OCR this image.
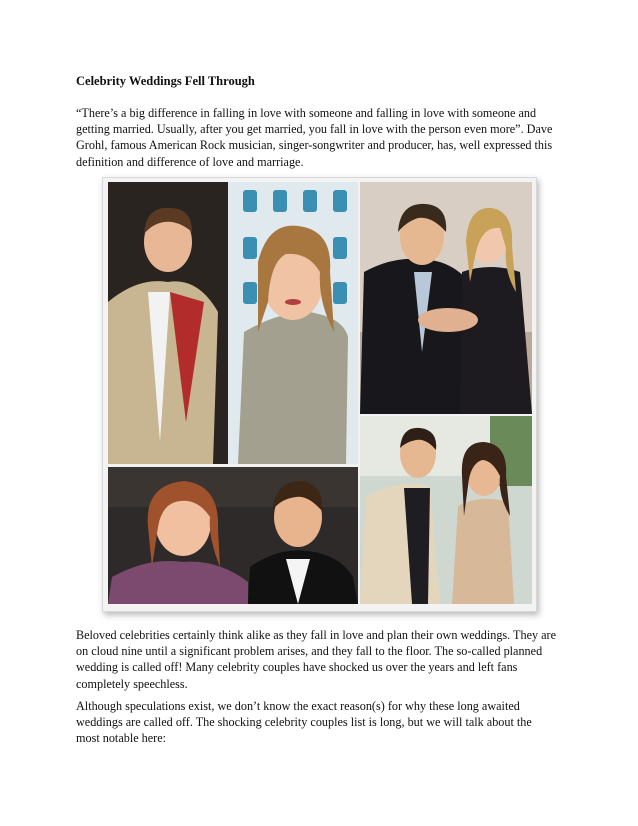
Celebrity Weddings Fell Through
“There’s a big difference in falling in love with someone and falling in love with someone and getting married. Usually, after you get married, you fall in love with the person even more”. Dave Grohl, famous American Rock musician, singer-songwriter and producer, has, well expressed this definition and difference of love and marriage.
Beloved celebrities certainly think alike as they fall in love and plan their own weddings. They are on cloud nine until a significant problem arises, and they fall to the floor. The so-called planned wedding is called off! Many celebrity couples have shocked us over the years and left fans completely speechless.
Although speculations exist, we don’t know the exact reason(s) for why these long awaited weddings are called off. The shocking celebrity couples list is long, but we will talk about the most notable here:
